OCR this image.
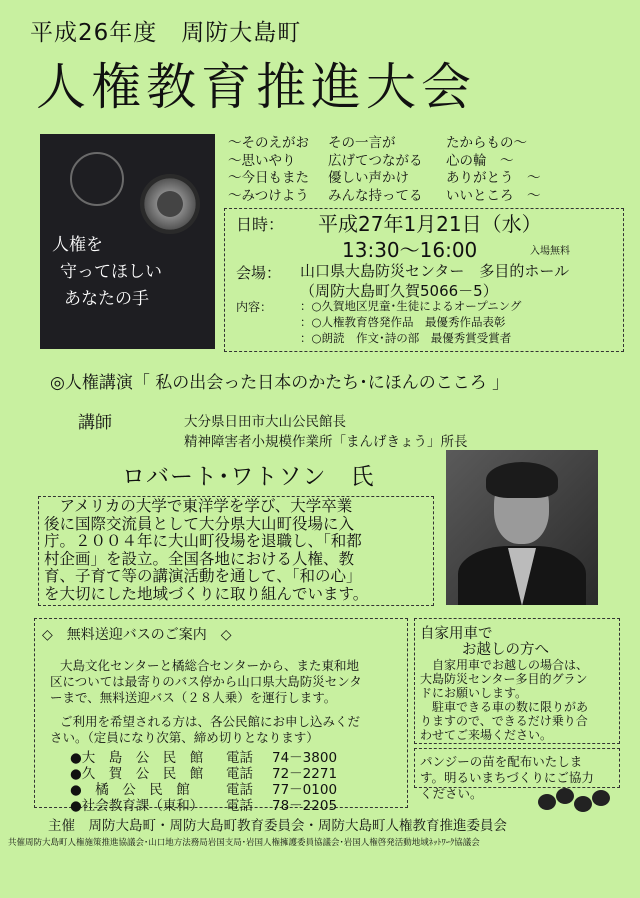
平成26年度　周防大島町
人権教育推進大会
人権を
守ってほしい
あなたの手
～そのえがお	その一言が	たからもの～
～思いやり	広げてつながる	心の輪　～
～今日もまた	優しい声かけ	ありがとう　～
～みつけよう	みんな持ってる	いいところ　～
日時： 平成27年1月21日（水）
13:30～16:00	入場無料
会場： 山口県大島防災センター　多目的ホール
（周防大島町久賀5066－5）
内容： ：○久賀地区児童･生徒によるオープニング
：○人権教育啓発作品　最優秀作品表彰
：○朗読　作文･詩の部　最優秀賞受賞者
◎人権講演「 私の出会った日本のかたち･にほんのこころ 」
講師	大分県日田市大山公民館長
精神障害者小規模作業所「まんげきょう」所長
ロバート･ワトソン　氏

　アメリカの大学で東洋学を学び、大学卒業

後に国際交流員として大分県大山町役場に入

庁。２００４年に大山町役場を退職し、「和都

村企画」を設立。全国各地における人権、教

育、子育て等の講演活動を通して、「和の心」

を大切にした地域づくりに取り組んでいます。

◇　無料送迎バスのご案内　◇
大島文化センターと橘総合センターから、また東和地
区については最寄りのバス停から山口県大島防災センタ
ーまで、無料送迎バス（２８人乗）を運行します。
ご利用を希望される方は、各公民館にお申し込みくだ
さい。（定員になり次第、締め切りとなります）
●大　島　公　民　館 電話 74－3800
●久　賀　公　民　館 電話 72－2271
●　橘　公　民　館	電話 77－0100
●社会教育課（東和） 電話 78－2205
自家用車で
お越しの方へ
　自家用車でお越しの場合は、
大島防災センター多目的グラン
ドにお願いします。
　駐車できる車の数に限りがあ
りますので、できるだけ乗り合
わせてご来場ください。
パンジーの苗を配布いたしま
す。明るいまちづくりにご協力
ください。
主催　周防大島町・周防大島町教育委員会・周防大島町人権教育推進委員会
共催周防大島町人権施策推進協議会･山口地方法務局岩国支局･岩国人権擁護委員協議会･岩国人権啓発活動地域ﾈｯﾄﾜｰｸ協議会
